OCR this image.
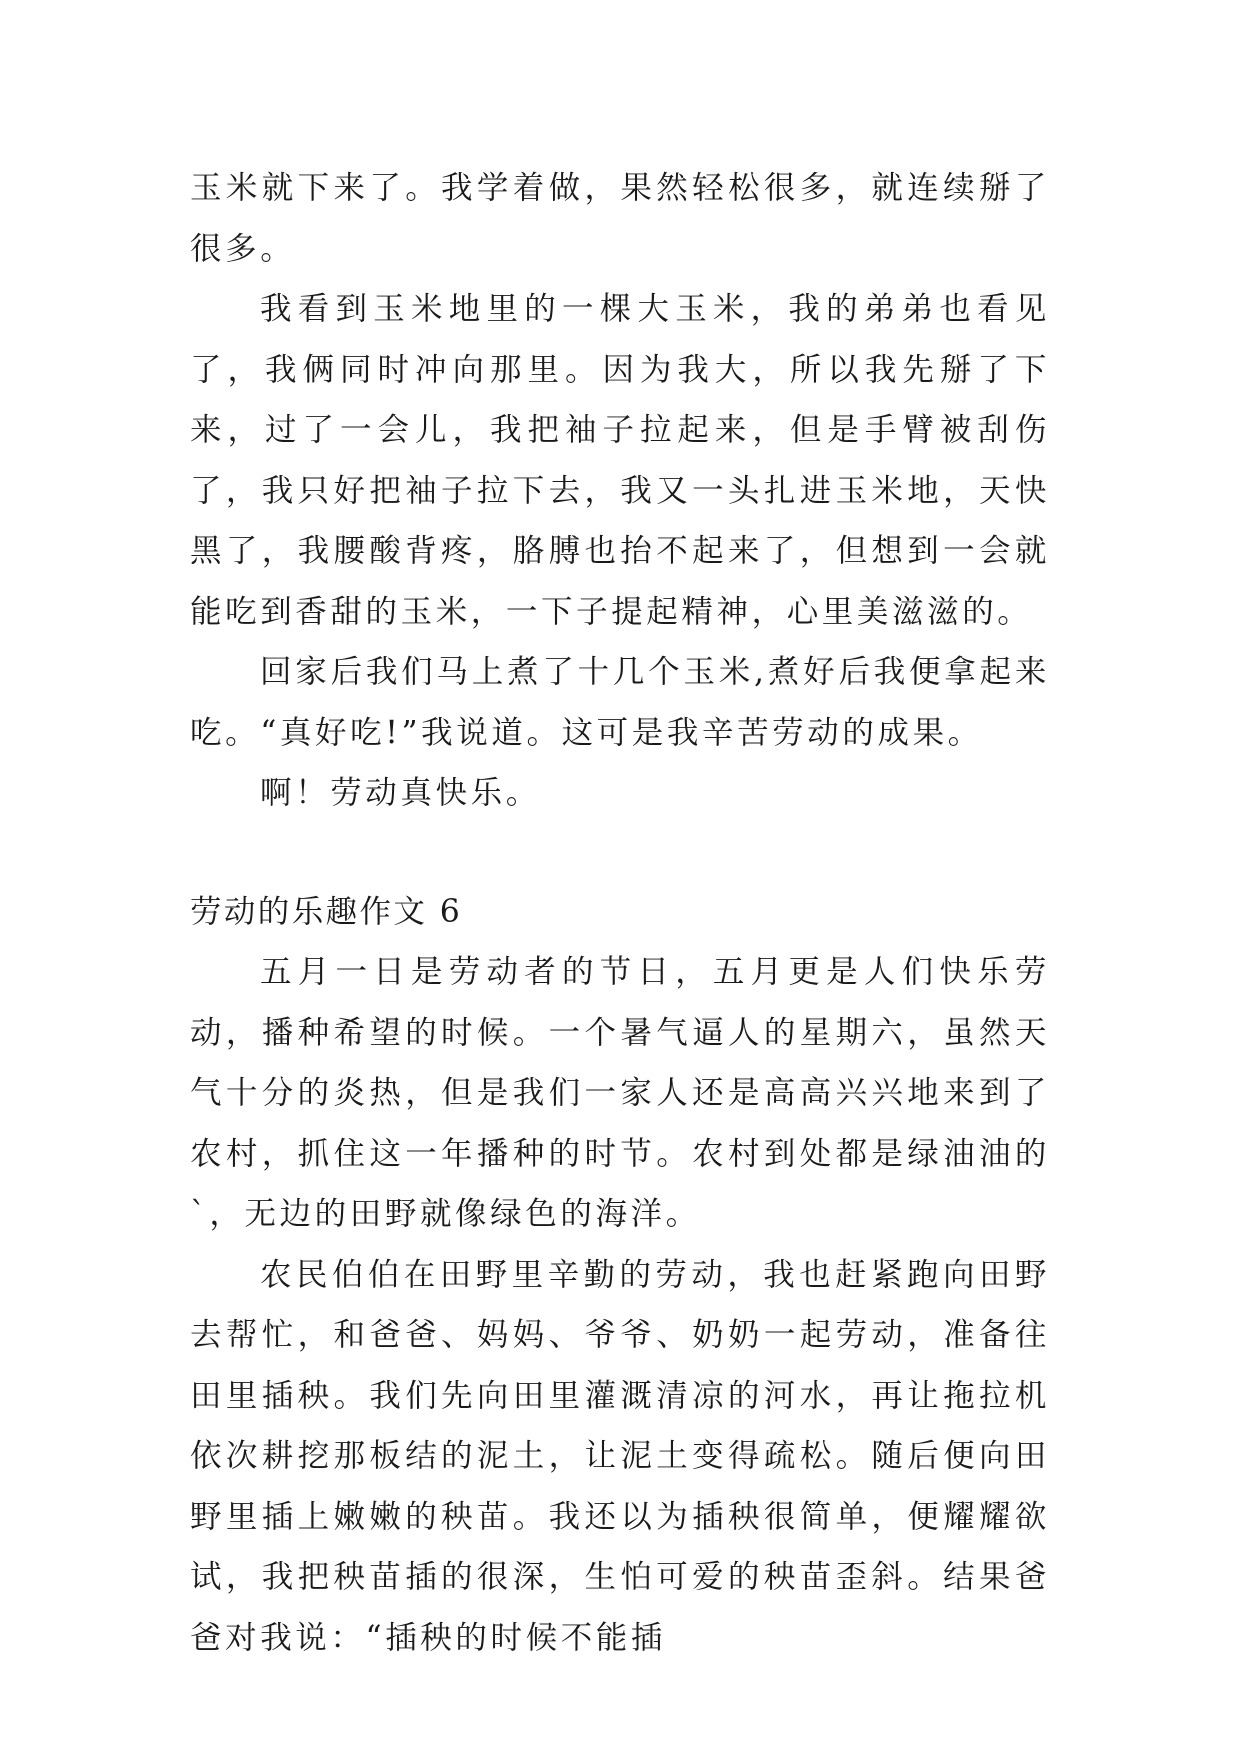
玉米就下来了。我学着做，果然轻松很多，就连续掰了很多。

我看到玉米地里的一棵大玉米，我的弟弟也看见了，我俩同时冲向那里。因为我大，所以我先掰了下来，过了一会儿，我把袖子拉起来，但是手臂被刮伤了，我只好把袖子拉下去，我又一头扎进玉米地，天快黑了，我腰酸背疼，胳膊也抬不起来了，但想到一会就能吃到香甜的玉米，一下子提起精神，心里美滋滋的。

回家后我们马上煮了十几个玉米,煮好后我便拿起来吃。“真好吃!”我说道。这可是我辛苦劳动的成果。

啊！劳动真快乐。

劳动的乐趣作文 6

五月一日是劳动者的节日，五月更是人们快乐劳动，播种希望的时候。一个暑气逼人的星期六，虽然天气十分的炎热，但是我们一家人还是高高兴兴地来到了农村，抓住这一年播种的时节。农村到处都是绿油油的`，无边的田野就像绿色的海洋。

农民伯伯在田野里辛勤的劳动，我也赶紧跑向田野去帮忙，和爸爸、妈妈、爷爷、奶奶一起劳动，准备往田里插秧。我们先向田里灌溉清凉的河水，再让拖拉机依次耕挖那板结的泥土，让泥土变得疏松。随后便向田野里插上嫩嫩的秧苗。我还以为插秧很简单，便耀耀欲试，我把秧苗插的很深，生怕可爱的秧苗歪斜。结果爸爸对我说：“插秧的时候不能插
